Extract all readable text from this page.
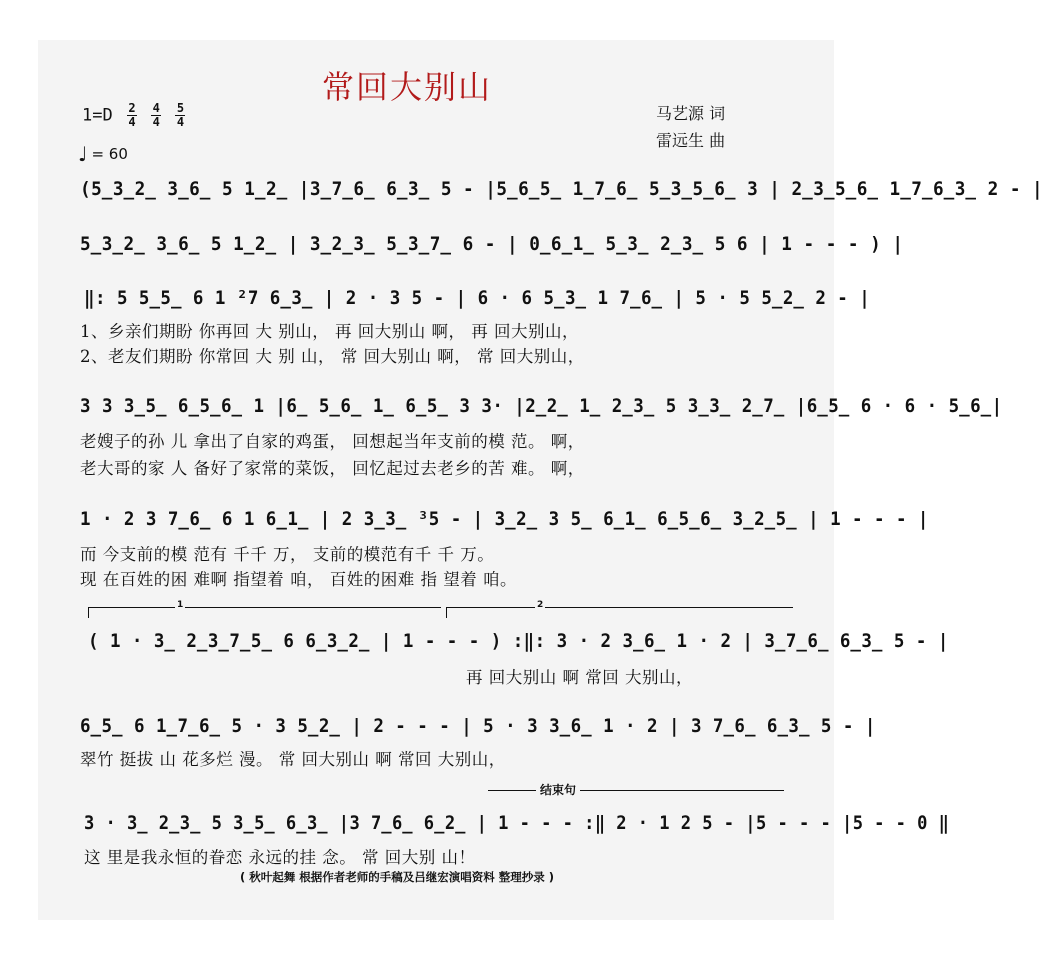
常回大别山
$1=D \frac{2}{4}$
$\frac{4}{4}$
$\frac{5}{4}$
♩ = 60
马艺源 词
雷远生 曲
(5̲3̲2̲ 3̲6̲ 5 1̲2̲ |3̲7̲6̲ 6̲3̲ 5 - |5̲6̲5̲ 1̲7̲6̲ 5̲3̲5̲6̲ 3 | 2̲3̲5̲6̲ 1̲7̲6̲3̲ 2 - |
5̲3̲2̲ 3̲6̲ 5 1̲2̲ | 3̲2̲3̲ 5̲3̲7̲ 6 - | 0̲6̲1̲ 5̲3̲ 2̲3̲ 5 6 | 1 - - - ) |
‖: 5 5̲5̲ 6 1 ²7 6̲3̲ | 2 · 3 5 - | 6 · 6 5̲3̲ 1 7̲6̲ | 5 · 5 5̲2̲ 2 - |
1、乡亲们期盼 你再回 大 别山， 再 回大别山 啊， 再 回大别山，
2、老友们期盼 你常回 大 别 山， 常 回大别山 啊， 常 回大别山，
3 3 3̲5̲ 6̲5̲6̲ 1 |6̲ 5̲6̲ 1̲ 6̲5̲ 3 3· |2̲2̲ 1̲ 2̲3̲ 5 3̲3̲ 2̲7̲ |6̲5̲ 6 · 6 · 5̲6̲|
老嫂子的孙 儿 拿出了自家的鸡蛋， 回想起当年支前的模 范。 啊，
老大哥的家 人 备好了家常的菜饭， 回忆起过去老乡的苦 难。 啊，
1 · 2 3 7̲6̲ 6 1 6̲1̲ | 2 3̲3̲ ³5 - | 3̲2̲ 3 5̲ 6̲1̲ 6̲5̲6̲ 3̲2̲5̲ | 1 - - - |
而 今支前的模 范有 千千 万， 支前的模范有千 千 万。
现 在百姓的困 难啊 指望着 咱， 百姓的困难 指 望着 咱。
1	2
( 1 · 3̲ 2̲3̲7̲5̲ 6 6̲3̲2̲ | 1 - - - ) :‖: 3 · 2 3̲6̲ 1 · 2 | 3̲7̲6̲ 6̲3̲ 5 - |
再 回大别山 啊 常回 大别山，
6̲5̲ 6 1̲7̲6̲ 5 · 3 5̲2̲ | 2 - - - | 5 · 3 3̲6̲ 1 · 2 | 3 7̲6̲ 6̲3̲ 5 - |
翠竹 挺拔 山 花多烂 漫。 常 回大别山 啊 常回 大别山，
结束句
3 · 3̲ 2̲3̲ 5 3̲5̲ 6̲3̲ |3 7̲6̲ 6̲2̲ | 1 - - - :‖ 2 · 1 2 5 - |5 - - - |5 - - 0 ‖
这 里是我永恒的眷恋 永远的挂 念。 常 回大别 山！
( 秋叶起舞 根据作者老师的手稿及吕继宏演唱资料 整理抄录 )
